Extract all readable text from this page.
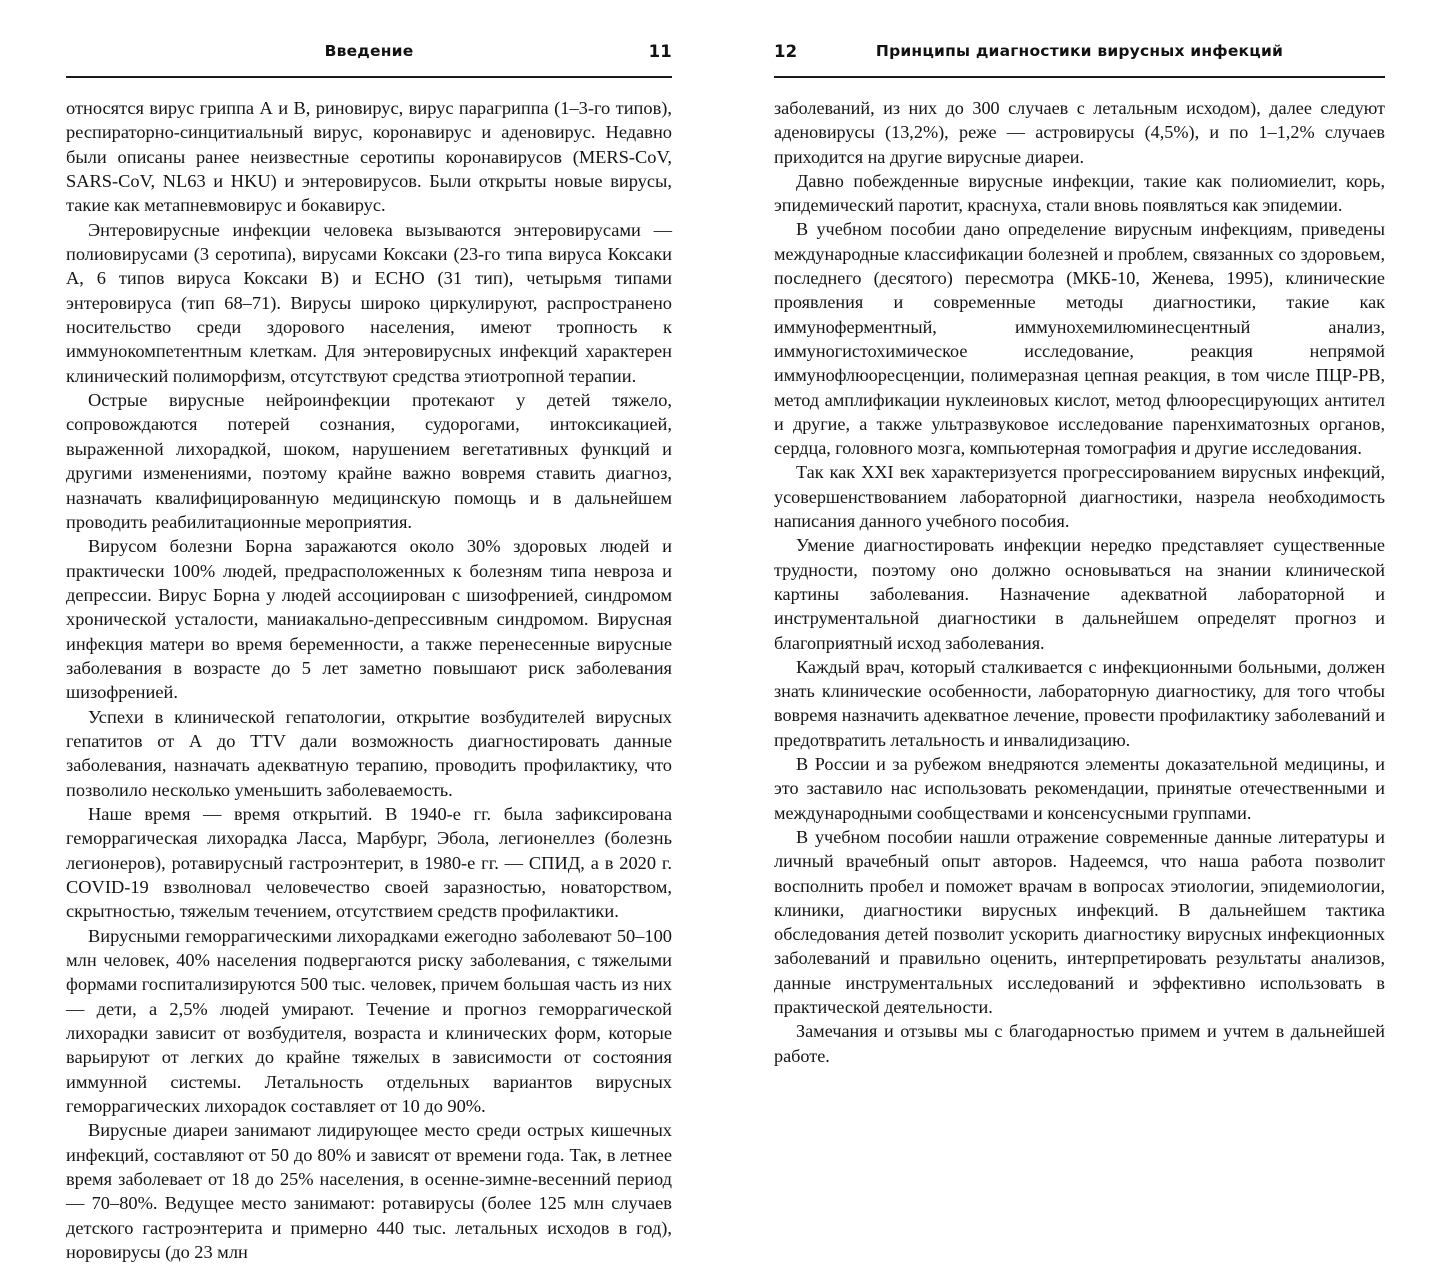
Введение	11

относятся вирус гриппа А и В, риновирус, вирус парагриппа (1–3-го типов), респираторно-синцитиальный вирус, коронавирус и аденовирус. Недавно были описаны ранее неизвестные серотипы коронавирусов (MERS-CoV, SARS-CoV, NL63 и HKU) и энтеровирусов. Были открыты новые вирусы, такие как метапневмовирус и бокавирус.

Энтеровирусные инфекции человека вызываются энтеровирусами — полиовирусами (3 серотипа), вирусами Коксаки (23-го типа вируса Коксаки А, 6 типов вируса Коксаки В) и ЕСНО (31 тип), четырьмя типами энтеровируса (тип 68–71). Вирусы широко циркулируют, распространено носительство среди здорового населения, имеют тропность к иммунокомпетентным клеткам. Для энтеровирусных инфекций характерен клинический полиморфизм, отсутствуют средства этиотропной терапии.

Острые вирусные нейроинфекции протекают у детей тяжело, сопровождаются потерей сознания, судорогами, интоксикацией, выраженной лихорадкой, шоком, нарушением вегетативных функций и другими изменениями, поэтому крайне важно вовремя ставить диагноз, назначать квалифицированную медицинскую помощь и в дальнейшем проводить реабилитационные мероприятия.

Вирусом болезни Борна заражаются около 30% здоровых людей и практически 100% людей, предрасположенных к болезням типа невроза и депрессии. Вирус Борна у людей ассоциирован с шизофренией, синдромом хронической усталости, маниакально-депрессивным синдромом. Вирусная инфекция матери во время беременности, а также перенесенные вирусные заболевания в возрасте до 5 лет заметно повышают риск заболевания шизофренией.

Успехи в клинической гепатологии, открытие возбудителей вирусных гепатитов от А до TTV дали возможность диагностировать данные заболевания, назначать адекватную терапию, проводить профилактику, что позволило несколько уменьшить заболеваемость.

Наше время — время открытий. В 1940-е гг. была зафиксирована геморрагическая лихорадка Ласса, Марбург, Эбола, легионеллез (болезнь легионеров), ротавирусный гастроэнтерит, в 1980-е гг. — СПИД, а в 2020 г. COVID-19 взволновал человечество своей заразностью, новаторством, скрытностью, тяжелым течением, отсутствием средств профилактики.

Вирусными геморрагическими лихорадками ежегодно заболевают 50–100 млн человек, 40% населения подвергаются риску заболевания, с тяжелыми формами госпитализируются 500 тыс. человек, причем большая часть из них — дети, а 2,5% людей умирают. Течение и прогноз геморрагической лихорадки зависит от возбудителя, возраста и клинических форм, которые варьируют от легких до крайне тяжелых в зависимости от состояния иммунной системы. Летальность отдельных вариантов вирусных геморрагических лихорадок составляет от 10 до 90%.

Вирусные диареи занимают лидирующее место среди острых кишечных инфекций, составляют от 50 до 80% и зависят от времени года. Так, в летнее время заболевает от 18 до 25% населения, в осенне-зимне-весенний период — 70–80%. Ведущее место занимают: ротавирусы (более 125 млн случаев детского гастроэнтерита и примерно 440 тыс. летальных исходов в год), норовирусы (до 23 млн

12	Принципы диагностики вирусных инфекций

заболеваний, из них до 300 случаев с летальным исходом), далее следуют аденовирусы (13,2%), реже — астровирусы (4,5%), и по 1–1,2% случаев приходится на другие вирусные диареи.

Давно побежденные вирусные инфекции, такие как полиомиелит, корь, эпидемический паротит, краснуха, стали вновь появляться как эпидемии.

В учебном пособии дано определение вирусным инфекциям, приведены международные классификации болезней и проблем, связанных со здоровьем, последнего (десятого) пересмотра (МКБ-10, Женева, 1995), клинические проявления и современные методы диагностики, такие как иммуноферментный, иммунохемилюминесцентный анализ, иммуногистохимическое исследование, реакция непрямой иммунофлюоресценции, полимеразная цепная реакция, в том числе ПЦР-РВ, метод амплификации нуклеиновых кислот, метод флюоресцирующих антител и другие, а также ультразвуковое исследование паренхиматозных органов, сердца, головного мозга, компьютерная томография и другие исследования.

Так как XXI век характеризуется прогрессированием вирусных инфекций, усовершенствованием лабораторной диагностики, назрела необходимость написания данного учебного пособия.

Умение диагностировать инфекции нередко представляет существенные трудности, поэтому оно должно основываться на знании клинической картины заболевания. Назначение адекватной лабораторной и инструментальной диагностики в дальнейшем определят прогноз и благоприятный исход заболевания.

Каждый врач, который сталкивается с инфекционными больными, должен знать клинические особенности, лабораторную диагностику, для того чтобы вовремя назначить адекватное лечение, провести профилактику заболеваний и предотвратить летальность и инвалидизацию.

В России и за рубежом внедряются элементы доказательной медицины, и это заставило нас использовать рекомендации, принятые отечественными и международными сообществами и консенсусными группами.

В учебном пособии нашли отражение современные данные литературы и личный врачебный опыт авторов. Надеемся, что наша работа позволит восполнить пробел и поможет врачам в вопросах этиологии, эпидемиологии, клиники, диагностики вирусных инфекций. В дальнейшем тактика обследования детей позволит ускорить диагностику вирусных инфекционных заболеваний и правильно оценить, интерпретировать результаты анализов, данные инструментальных исследований и эффективно использовать в практической деятельности.

Замечания и отзывы мы с благодарностью примем и учтем в дальнейшей работе.
